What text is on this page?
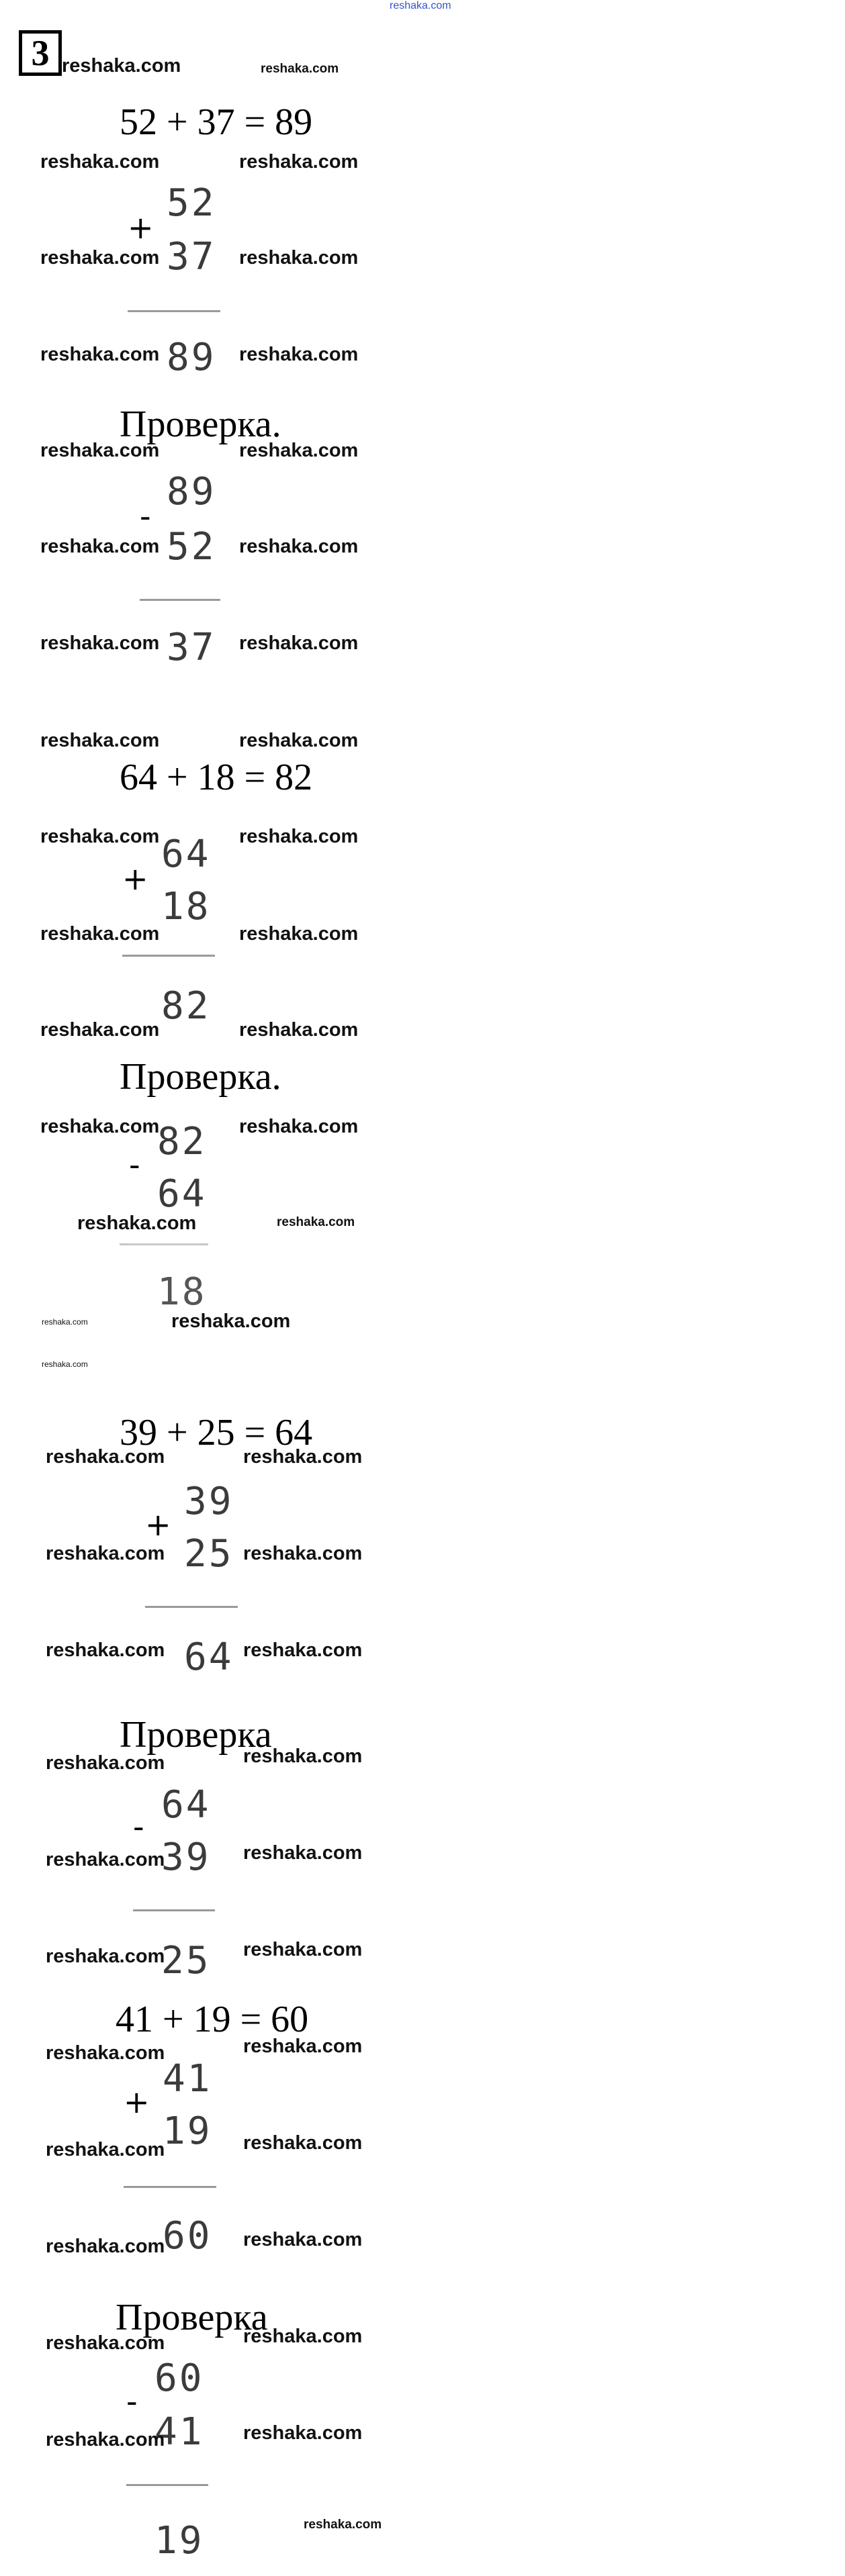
reshaka.com
3 reshaka.com	reshaka.com
52 + 37 = 89
reshaka.com	reshaka.com
52
+
37
reshaka.com	reshaka.com
reshaka.com 89 reshaka.com
Проверка.
reshaka.com	reshaka.com
89
-
52
reshaka.com	reshaka.com
reshaka.com 37 reshaka.com
reshaka.com	reshaka.com
64 + 18 = 82
reshaka.com 64 reshaka.com
+
18
reshaka.com	reshaka.com
82
reshaka.com	reshaka.com
Проверка.
reshaka.com
82 reshaka.com
-
64
reshaka.com	reshaka.com
18
reshaka.com
reshaka.com
reshaka.com
39 + 25 = 64
reshaka.com	reshaka.com
39
+
25
reshaka.com	reshaka.com
reshaka.com 64 reshaka.com
Проверка
reshaka.com	reshaka.com
64
-
39
reshaka.com	reshaka.com
reshaka.com
25 reshaka.com
41 + 19 = 60
reshaka.com	reshaka.com
41
+
19
reshaka.com	reshaka.com
reshaka.com
60 reshaka.com
Проверка
reshaka.com	reshaka.com
60
-
41
reshaka.com	reshaka.com
reshaka.com
19
